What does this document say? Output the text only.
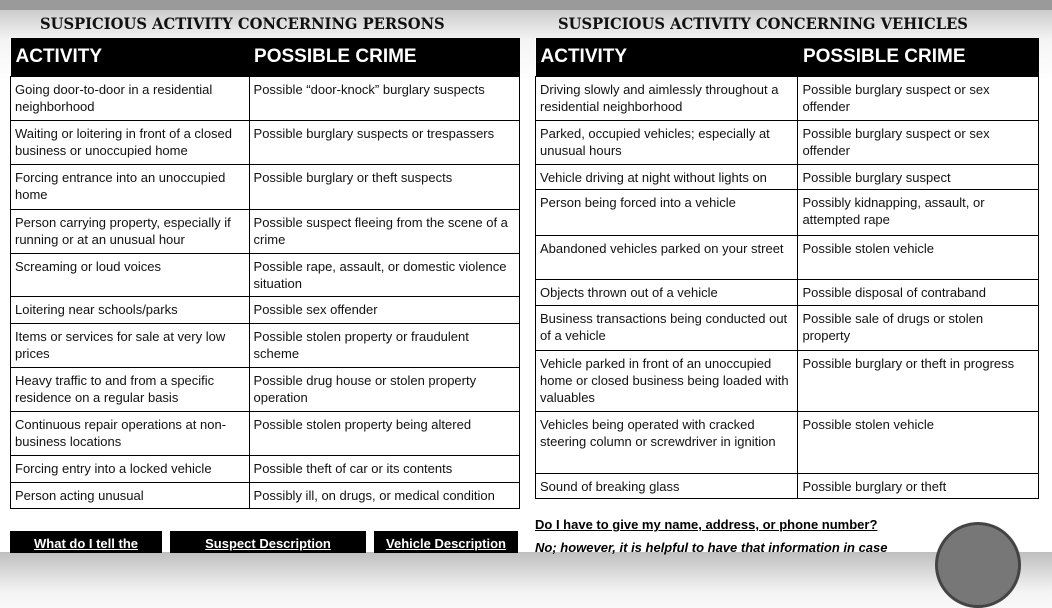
SUSPICIOUS ACTIVITY CONCERNING PERSONS	SUSPICIOUS ACTIVITY CONCERNING VEHICLES
ACTIVITY	POSSIBLE CRIME
Going door-to-door in a residential neighborhood	Possible “door-knock” burglary suspects
Waiting or loitering in front of a closed business or unoccupied home	Possible burglary suspects or trespassers
Forcing entrance into an unoccupied home	Possible burglary or theft suspects
Person carrying property, especially if running or at an unusual hour	Possible suspect fleeing from the scene of a crime
Screaming or loud voices	Possible rape, assault, or domestic violence situation
Loitering near schools/parks	Possible sex offender
Items or services for sale at very low prices	Possible stolen property or fraudulent scheme
Heavy traffic to and from a specific residence on a regular basis	Possible drug house or stolen property operation
Continuous repair operations at non-business locations	Possible stolen property being altered
Forcing entry into a locked vehicle	Possible theft of car or its contents
Person acting unusual	Possibly ill, on drugs, or medical condition
ACTIVITY	POSSIBLE CRIME
Driving slowly and aimlessly throughout a residential neighborhood	Possible burglary suspect or sex offender
Parked, occupied vehicles; especially at unusual hours	Possible burglary suspect or sex offender
Vehicle driving at night without lights on	Possible burglary suspect
Person being forced into a vehicle	Possibly kidnapping, assault, or attempted rape
Abandoned vehicles parked on your street	Possible stolen vehicle
Objects thrown out of a vehicle	Possible disposal of contraband
Business transactions being conducted out of a vehicle	Possible sale of drugs or stolen property
Vehicle parked in front of an unoccupied home or closed business being loaded with valuables	Possible burglary or theft in progress
Vehicles being operated with cracked steering column or screwdriver in ignition	Possible stolen vehicle
Sound of breaking glass	Possible burglary or theft
What do I tell the	Suspect Description	Vehicle Description
Do I have to give my name, address, or phone number?
No; however, it is helpful to have that information in case
